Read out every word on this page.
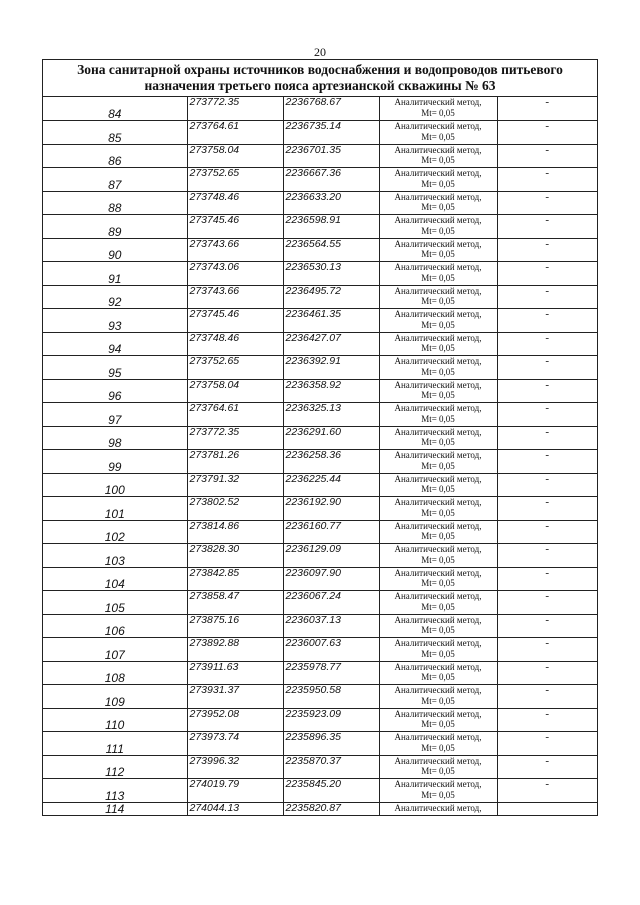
20
Зона санитарной охраны источников водоснабжения и водопроводов питьевого назначения третьего пояса артезианской скважины № 63
84	273772.35	2236768.67	Аналитический метод,
Мt= 0,05	-
85	273764.61	2236735.14	Аналитический метод,
Мt= 0,05	-
86	273758.04	2236701.35	Аналитический метод,
Мt= 0,05	-
87	273752.65	2236667.36	Аналитический метод,
Мt= 0,05	-
88	273748.46	2236633.20	Аналитический метод,
Мt= 0,05	-
89	273745.46	2236598.91	Аналитический метод,
Мt= 0,05	-
90	273743.66	2236564.55	Аналитический метод,
Мt= 0,05	-
91	273743.06	2236530.13	Аналитический метод,
Мt= 0,05	-
92	273743.66	2236495.72	Аналитический метод,
Мt= 0,05	-
93	273745.46	2236461.35	Аналитический метод,
Мt= 0,05	-
94	273748.46	2236427.07	Аналитический метод,
Мt= 0,05	-
95	273752.65	2236392.91	Аналитический метод,
Мt= 0,05	-
96	273758.04	2236358.92	Аналитический метод,
Мt= 0,05	-
97	273764.61	2236325.13	Аналитический метод,
Мt= 0,05	-
98	273772.35	2236291.60	Аналитический метод,
Мt= 0,05	-
99	273781.26	2236258.36	Аналитический метод,
Мt= 0,05	-
100	273791.32	2236225.44	Аналитический метод,
Мt= 0,05	-
101	273802.52	2236192.90	Аналитический метод,
Мt= 0,05	-
102	273814.86	2236160.77	Аналитический метод,
Мt= 0,05	-
103	273828.30	2236129.09	Аналитический метод,
Мt= 0,05	-
104	273842.85	2236097.90	Аналитический метод,
Мt= 0,05	-
105	273858.47	2236067.24	Аналитический метод,
Мt= 0,05	-
106	273875.16	2236037.13	Аналитический метод,
Мt= 0,05	-
107	273892.88	2236007.63	Аналитический метод,
Мt= 0,05	-
108	273911.63	2235978.77	Аналитический метод,
Мt= 0,05	-
109	273931.37	2235950.58	Аналитический метод,
Мt= 0,05	-
110	273952.08	2235923.09	Аналитический метод,
Мt= 0,05	-
111	273973.74	2235896.35	Аналитический метод,
Мt= 0,05	-
112	273996.32	2235870.37	Аналитический метод,
Мt= 0,05	-
113	274019.79	2235845.20	Аналитический метод,
Мt= 0,05	-
114	274044.13	2235820.87	Аналитический метод,	
